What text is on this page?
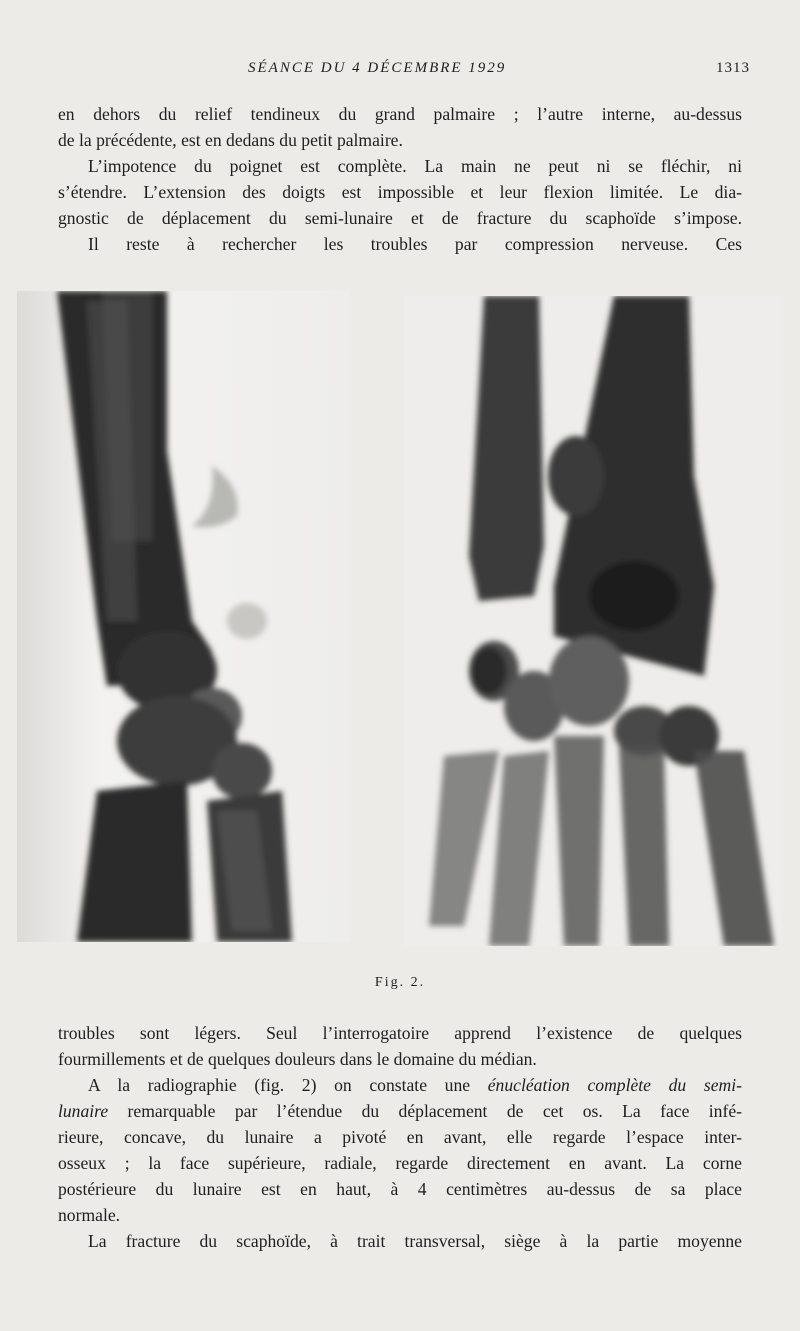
SÉANCE DU 4 DÉCEMBRE 1929	1313

en dehors du relief tendineux du grand palmaire ; l’autre interne, au-dessus
de la précédente, est en dedans du petit palmaire.

L’impotence du poignet est complète. La main ne peut ni se fléchir, ni
s’étendre. L’extension des doigts est impossible et leur flexion limitée. Le dia-
gnostic de déplacement du semi-lunaire et de fracture du scaphoïde s’impose.

Il reste à rechercher les troubles par compression nerveuse. Ces

Fig. 2.

troubles sont légers. Seul l’interrogatoire apprend l’existence de quelques
fourmillements et de quelques douleurs dans le domaine du médian.

A la radiographie (fig. 2) on constate une énucléation complète du semi-
lunaire remarquable par l’étendue du déplacement de cet os. La face infé-
rieure, concave, du lunaire a pivoté en avant, elle regarde l’espace inter-
osseux ; la face supérieure, radiale, regarde directement en avant. La corne
postérieure du lunaire est en haut, à 4 centimètres au-dessus de sa place
normale.

La fracture du scaphoïde, à trait transversal, siège à la partie moyenne
